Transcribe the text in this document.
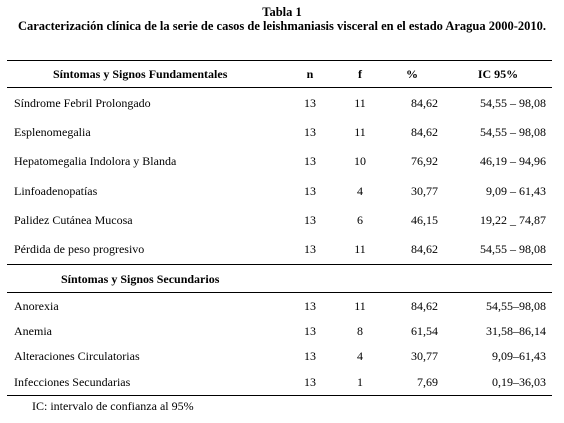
Tabla 1
Caracterización clínica de la serie de casos de leishmaniasis visceral en el estado Aragua 2000-2010.
Síntomas y Signos Fundamentales	n	f	%	IC 95%
Síndrome Febril Prolongado	13	11	84,62	54,55 – 98,08
Esplenomegalia	13	11	84,62	54,55 – 98,08
Hepatomegalia Indolora y Blanda	13	10	76,92	46,19 – 94,96
Linfoadenopatías	13	4	30,77	9,09 – 61,43
Palidez Cutánea Mucosa	13	6	46,15	19,22 _ 74,87
Pérdida de peso progresivo	13	11	84,62	54,55 – 98,08
Síntomas y Signos Secundarios
Anorexia	13	11	84,62	54,55–98,08
Anemia	13	8	61,54	31,58–86,14
Alteraciones Circulatorias	13	4	30,77	9,09–61,43
Infecciones Secundarias	13	1	7,69	0,19–36,03
IC: intervalo de confianza al 95%
